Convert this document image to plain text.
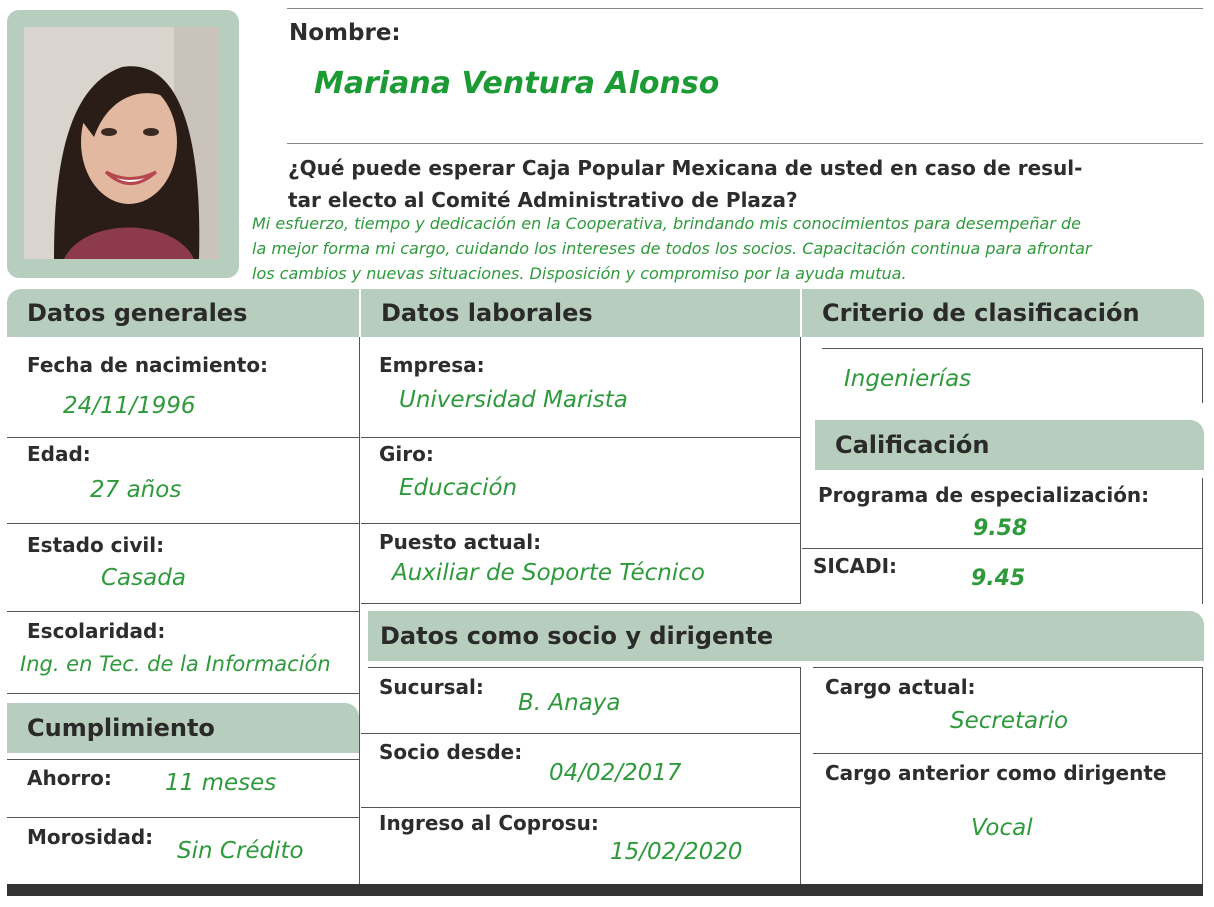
Nombre:
Mariana Ventura Alonso
¿Qué puede esperar Caja Popular Mexicana de usted en caso de resul-
tar electo al Comité Administrativo de Plaza?
Mi esfuerzo, tiempo y dedicación en la Cooperativa, brindando mis conocimientos para desempeñar de
la mejor forma mi cargo, cuidando los intereses de todos los socios. Capacitación continua para afrontar
los cambios y nuevas situaciones. Disposición y compromiso por la ayuda mutua.
Datos generales	Datos laborales	Criterio de clasificación
Fecha de nacimiento:
24/11/1996
Edad:
27 años
Estado civil:
Casada
Escolaridad:
Ing. en Tec. de la Información
Cumplimiento
Ahorro: 11 meses
Morosidad:
Sin Crédito
Empresa:
Universidad Marista
Giro:
Educación
Puesto actual:
Auxiliar de Soporte Técnico
Ingenierías
Calificación
Programa de especialización:
9.58
SICADI:	9.45
Datos como socio y dirigente
Sucursal:
B. Anaya
Socio desde:
04/02/2017
Ingreso al Coprosu:
15/02/2020
Cargo actual:
Secretario
Cargo anterior como dirigente
Vocal
